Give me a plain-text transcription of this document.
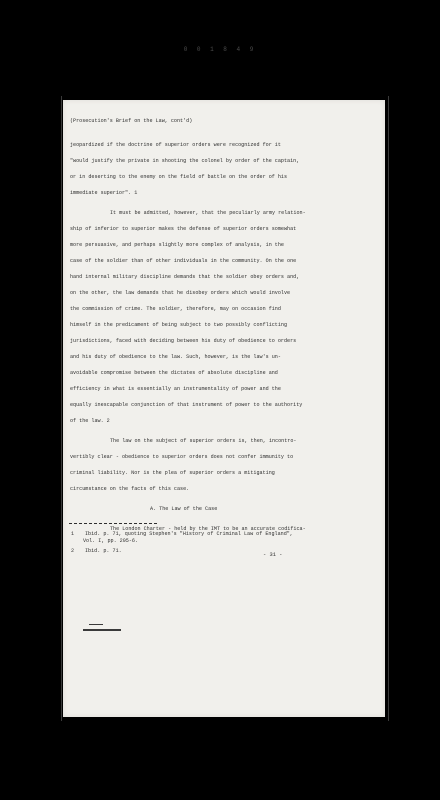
0 0 1 8 4 9
(Prosecution's Brief on the Law, cont'd)
jeopardized if the doctrine of superior orders were recognized for it
"would justify the private in shooting the colonel by order of the captain,
or in deserting to the enemy on the field of battle on the order of his
immediate superior". 1
It must be admitted, however, that the peculiarly army relation-
ship of inferior to superior makes the defense of superior orders somewhat
more persuasive, and perhaps slightly more complex of analysis, in the
case of the soldier than of other individuals in the community. On the one
hand internal military discipline demands that the soldier obey orders and,
on the other, the law demands that he disobey orders which would involve
the commission of crime. The soldier, therefore, may on occasion find
himself in the predicament of being subject to two possibly conflicting
jurisdictions, faced with deciding between his duty of obedience to orders
and his duty of obedience to the law. Such, however, is the law's un-
avoidable compromise between the dictates of absolute discipline and
efficiency in what is essentially an instrumentality of power and the
equally inescapable conjunction of that instrument of power to the authority
of the law. 2
The law on the subject of superior orders is, then, incontro-
vertibly clear - obedience to superior orders does not confer immunity to
criminal liability. Nor is the plea of superior orders a mitigating
circumstance on the facts of this case.
A. The Law of the Case
The London Charter - held by the IMT to be an accurate codifica-
1	Ibid. p. 71, quoting Stephen's "History of Criminal Law of England",
Vol. I, pp. 205-6.
2	Ibid. p. 71.
- 31 -
